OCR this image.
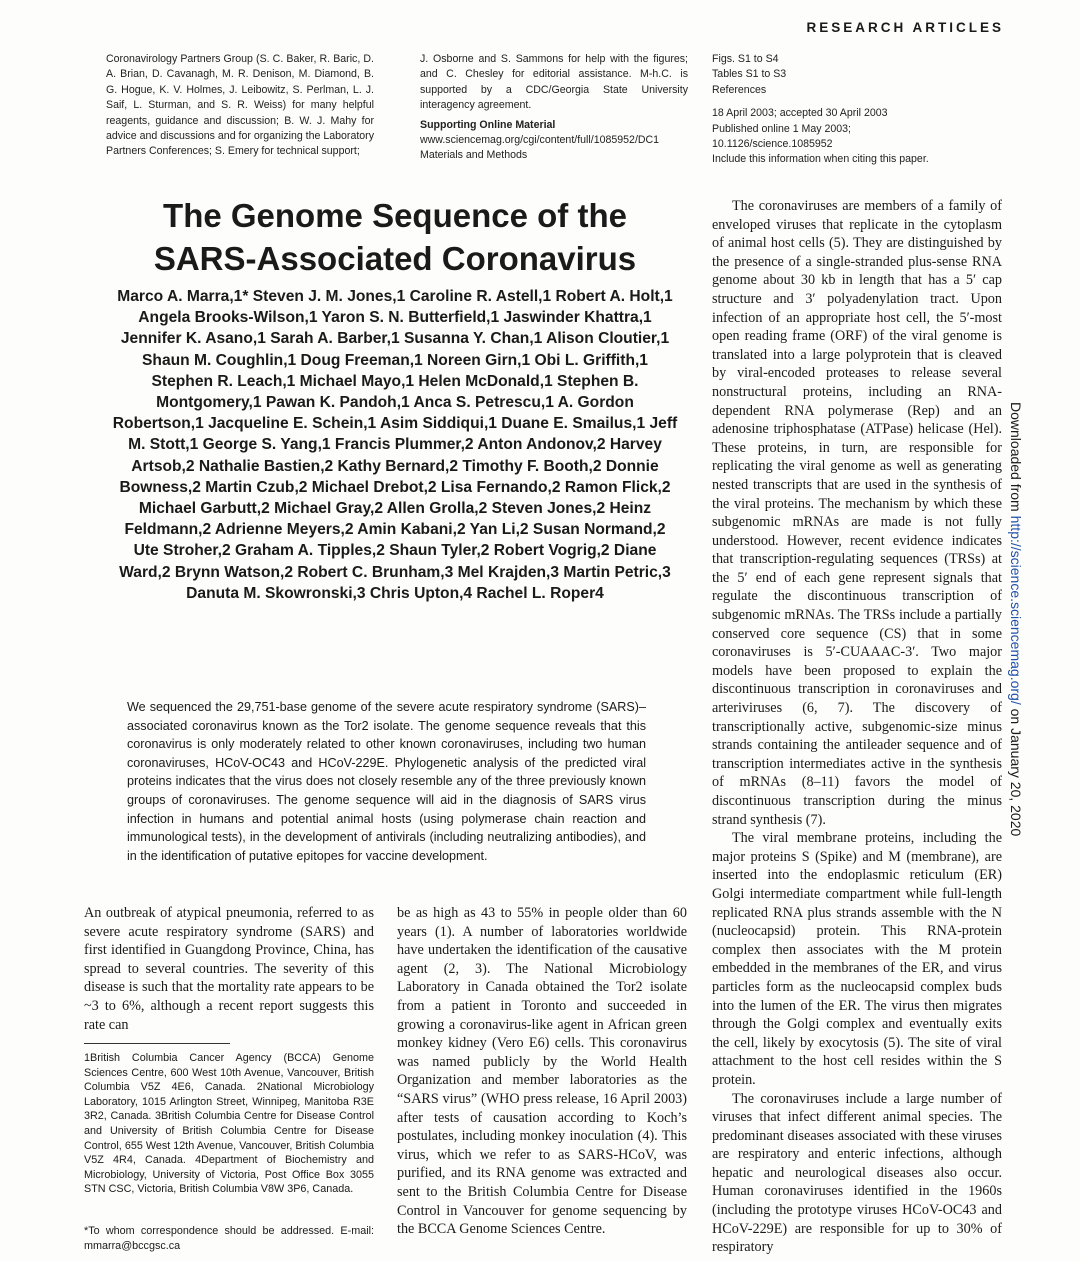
RESEARCH ARTICLES
Coronavirology Partners Group (S. C. Baker, R. Baric, D. A. Brian, D. Cavanagh, M. R. Denison, M. Diamond, B. G. Hogue, K. V. Holmes, J. Leibowitz, S. Perlman, L. J. Saif, L. Sturman, and S. R. Weiss) for many helpful reagents, guidance and discussion; B. W. J. Mahy for advice and discussions and for organizing the Laboratory Partners Conferences; S. Emery for technical support;
J. Osborne and S. Sammons for help with the figures; and C. Chesley for editorial assistance. M-h.C. is supported by a CDC/Georgia State University interagency agreement.
Supporting Online Material
www.sciencemag.org/cgi/content/full/1085952/DC1
Materials and Methods
Figs. S1 to S4
Tables S1 to S3
References
18 April 2003; accepted 30 April 2003
Published online 1 May 2003;
10.1126/science.1085952
Include this information when citing this paper.
The Genome Sequence of the SARS-Associated Coronavirus
Marco A. Marra,1* Steven J. M. Jones,1 Caroline R. Astell,1 Robert A. Holt,1 Angela Brooks-Wilson,1 Yaron S. N. Butterfield,1 Jaswinder Khattra,1 Jennifer K. Asano,1 Sarah A. Barber,1 Susanna Y. Chan,1 Alison Cloutier,1 Shaun M. Coughlin,1 Doug Freeman,1 Noreen Girn,1 Obi L. Griffith,1 Stephen R. Leach,1 Michael Mayo,1 Helen McDonald,1 Stephen B. Montgomery,1 Pawan K. Pandoh,1 Anca S. Petrescu,1 A. Gordon Robertson,1 Jacqueline E. Schein,1 Asim Siddiqui,1 Duane E. Smailus,1 Jeff M. Stott,1 George S. Yang,1 Francis Plummer,2 Anton Andonov,2 Harvey Artsob,2 Nathalie Bastien,2 Kathy Bernard,2 Timothy F. Booth,2 Donnie Bowness,2 Martin Czub,2 Michael Drebot,2 Lisa Fernando,2 Ramon Flick,2 Michael Garbutt,2 Michael Gray,2 Allen Grolla,2 Steven Jones,2 Heinz Feldmann,2 Adrienne Meyers,2 Amin Kabani,2 Yan Li,2 Susan Normand,2 Ute Stroher,2 Graham A. Tipples,2 Shaun Tyler,2 Robert Vogrig,2 Diane Ward,2 Brynn Watson,2 Robert C. Brunham,3 Mel Krajden,3 Martin Petric,3 Danuta M. Skowronski,3 Chris Upton,4 Rachel L. Roper4
We sequenced the 29,751-base genome of the severe acute respiratory syndrome (SARS)–associated coronavirus known as the Tor2 isolate. The genome sequence reveals that this coronavirus is only moderately related to other known coronaviruses, including two human coronaviruses, HCoV-OC43 and HCoV-229E. Phylogenetic analysis of the predicted viral proteins indicates that the virus does not closely resemble any of the three previously known groups of coronaviruses. The genome sequence will aid in the diagnosis of SARS virus infection in humans and potential animal hosts (using polymerase chain reaction and immunological tests), in the development of antivirals (including neutralizing antibodies), and in the identification of putative epitopes for vaccine development.
An outbreak of atypical pneumonia, referred to as severe acute respiratory syndrome (SARS) and first identified in Guangdong Province, China, has spread to several countries. The severity of this disease is such that the mortality rate appears to be ~3 to 6%, although a recent report suggests this rate can
1British Columbia Cancer Agency (BCCA) Genome Sciences Centre, 600 West 10th Avenue, Vancouver, British Columbia V5Z 4E6, Canada. 2National Microbiology Laboratory, 1015 Arlington Street, Winnipeg, Manitoba R3E 3R2, Canada. 3British Columbia Centre for Disease Control and University of British Columbia Centre for Disease Control, 655 West 12th Avenue, Vancouver, British Columbia V5Z 4R4, Canada. 4Department of Biochemistry and Microbiology, University of Victoria, Post Office Box 3055 STN CSC, Victoria, British Columbia V8W 3P6, Canada.
*To whom correspondence should be addressed. E-mail: mmarra@bccgsc.ca
be as high as 43 to 55% in people older than 60 years (1). A number of laboratories worldwide have undertaken the identification of the causative agent (2, 3). The National Microbiology Laboratory in Canada obtained the Tor2 isolate from a patient in Toronto and succeeded in growing a coronavirus-like agent in African green monkey kidney (Vero E6) cells. This coronavirus was named publicly by the World Health Organization and member laboratories as the “SARS virus” (WHO press release, 16 April 2003) after tests of causation according to Koch’s postulates, including monkey inoculation (4). This virus, which we refer to as SARS-HCoV, was purified, and its RNA genome was extracted and sent to the British Columbia Centre for Disease Control in Vancouver for genome sequencing by the BCCA Genome Sciences Centre.
The coronaviruses are members of a family of enveloped viruses that replicate in the cytoplasm of animal host cells (5). They are distinguished by the presence of a single-stranded plus-sense RNA genome about 30 kb in length that has a 5′ cap structure and 3′ polyadenylation tract. Upon infection of an appropriate host cell, the 5′-most open reading frame (ORF) of the viral genome is translated into a large polyprotein that is cleaved by viral-encoded proteases to release several nonstructural proteins, including an RNA-dependent RNA polymerase (Rep) and an adenosine triphosphatase (ATPase) helicase (Hel). These proteins, in turn, are responsible for replicating the viral genome as well as generating nested transcripts that are used in the synthesis of the viral proteins. The mechanism by which these subgenomic mRNAs are made is not fully understood. However, recent evidence indicates that transcription-regulating sequences (TRSs) at the 5′ end of each gene represent signals that regulate the discontinuous transcription of subgenomic mRNAs. The TRSs include a partially conserved core sequence (CS) that in some coronaviruses is 5′-CUAAAC-3′. Two major models have been proposed to explain the discontinuous transcription in coronaviruses and arteriviruses (6, 7). The discovery of transcriptionally active, subgenomic-size minus strands containing the antileader sequence and of transcription intermediates active in the synthesis of mRNAs (8–11) favors the model of discontinuous transcription during the minus strand synthesis (7).
The viral membrane proteins, including the major proteins S (Spike) and M (membrane), are inserted into the endoplasmic reticulum (ER) Golgi intermediate compartment while full-length replicated RNA plus strands assemble with the N (nucleocapsid) protein. This RNA-protein complex then associates with the M protein embedded in the membranes of the ER, and virus particles form as the nucleocapsid complex buds into the lumen of the ER. The virus then migrates through the Golgi complex and eventually exits the cell, likely by exocytosis (5). The site of viral attachment to the host cell resides within the S protein.
The coronaviruses include a large number of viruses that infect different animal species. The predominant diseases associated with these viruses are respiratory and enteric infections, although hepatic and neurological diseases also occur. Human coronaviruses identified in the 1960s (including the prototype viruses HCoV-OC43 and HCoV-229E) are responsible for up to 30% of respiratory
Downloaded from http://science.sciencemag.org/ on January 20, 2020
